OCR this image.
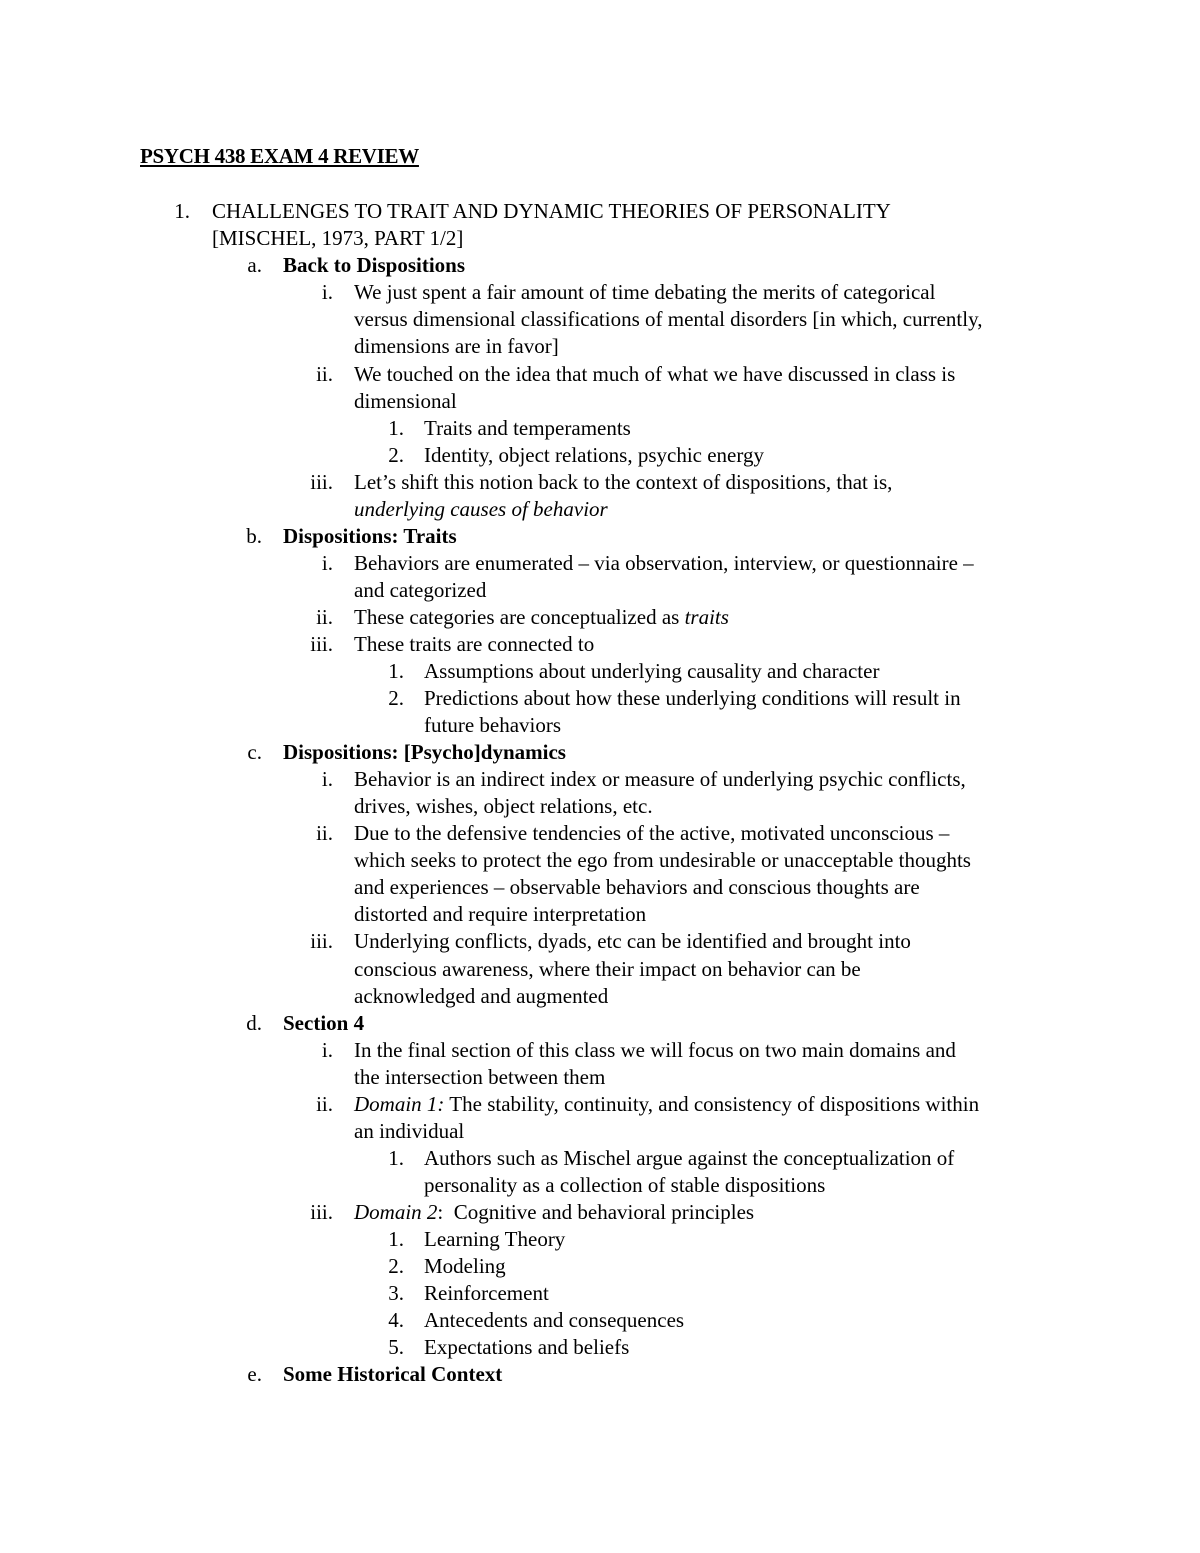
PSYCH 438 EXAM 4 REVIEW
1. CHALLENGES TO TRAIT AND DYNAMIC THEORIES OF PERSONALITY
[MISCHEL, 1973, PART 1/2]
a. Back to Dispositions
i. We just spent a fair amount of time debating the merits of categorical
versus dimensional classifications of mental disorders [in which, currently,
dimensions are in favor]
ii. We touched on the idea that much of what we have discussed in class is
dimensional
1. Traits and temperaments
2. Identity, object relations, psychic energy
iii. Let’s shift this notion back to the context of dispositions, that is,
underlying causes of behavior
b. Dispositions: Traits
i. Behaviors are enumerated – via observation, interview, or questionnaire –
and categorized
ii. These categories are conceptualized as traits
iii. These traits are connected to
1. Assumptions about underlying causality and character
2. Predictions about how these underlying conditions will result in
future behaviors
c. Dispositions: [Psycho]dynamics
i. Behavior is an indirect index or measure of underlying psychic conflicts,
drives, wishes, object relations, etc.
ii. Due to the defensive tendencies of the active, motivated unconscious –
which seeks to protect the ego from undesirable or unacceptable thoughts
and experiences – observable behaviors and conscious thoughts are
distorted and require interpretation
iii. Underlying conflicts, dyads, etc can be identified and brought into
conscious awareness, where their impact on behavior can be
acknowledged and augmented
d. Section 4
i. In the final section of this class we will focus on two main domains and
the intersection between them
ii. Domain 1: The stability, continuity, and consistency of dispositions within
an individual
1. Authors such as Mischel argue against the conceptualization of
personality as a collection of stable dispositions
iii. Domain 2:  Cognitive and behavioral principles
1. Learning Theory
2. Modeling
3. Reinforcement
4. Antecedents and consequences
5. Expectations and beliefs
e. Some Historical Context
